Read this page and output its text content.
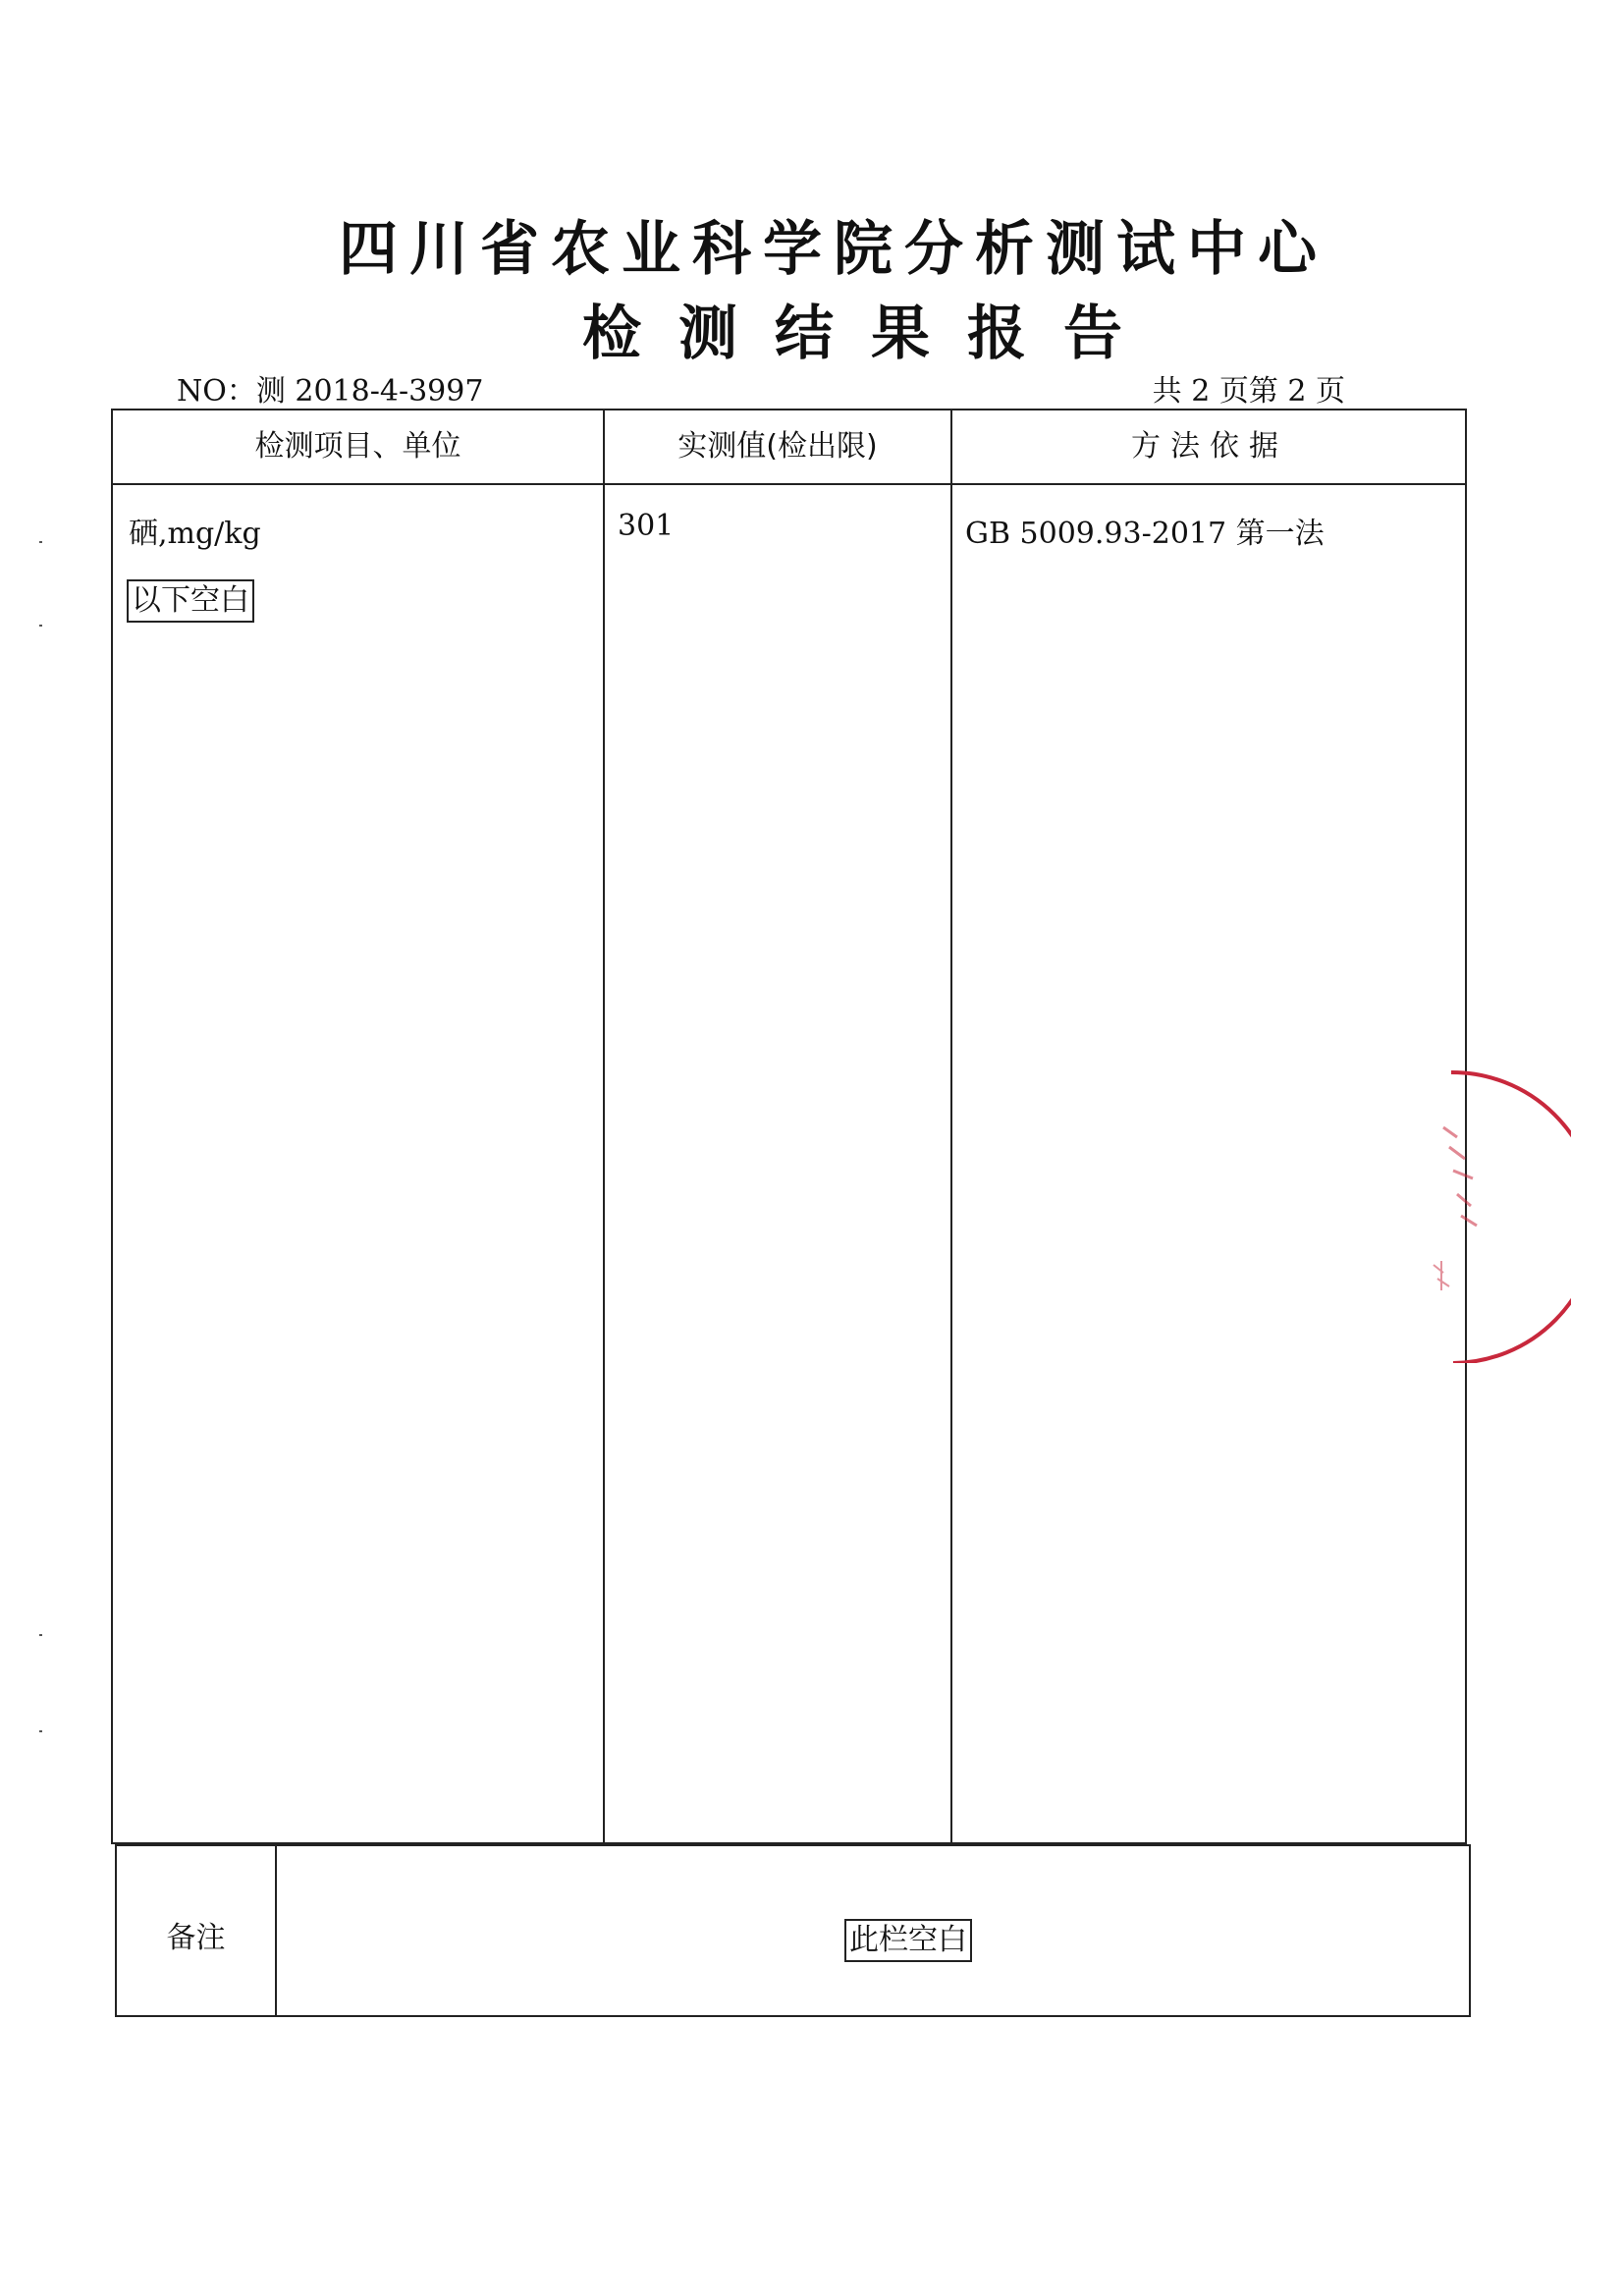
四川省农业科学院分析测试中心
检测结果报告
NO：测 2018-4-3997	共 2 页第 2 页
检测项目、单位	实测值(检出限)	方法依据
硒,mg/kg	301	GB 5009.93-2017 第一法
以下空白
备注	此栏空白
